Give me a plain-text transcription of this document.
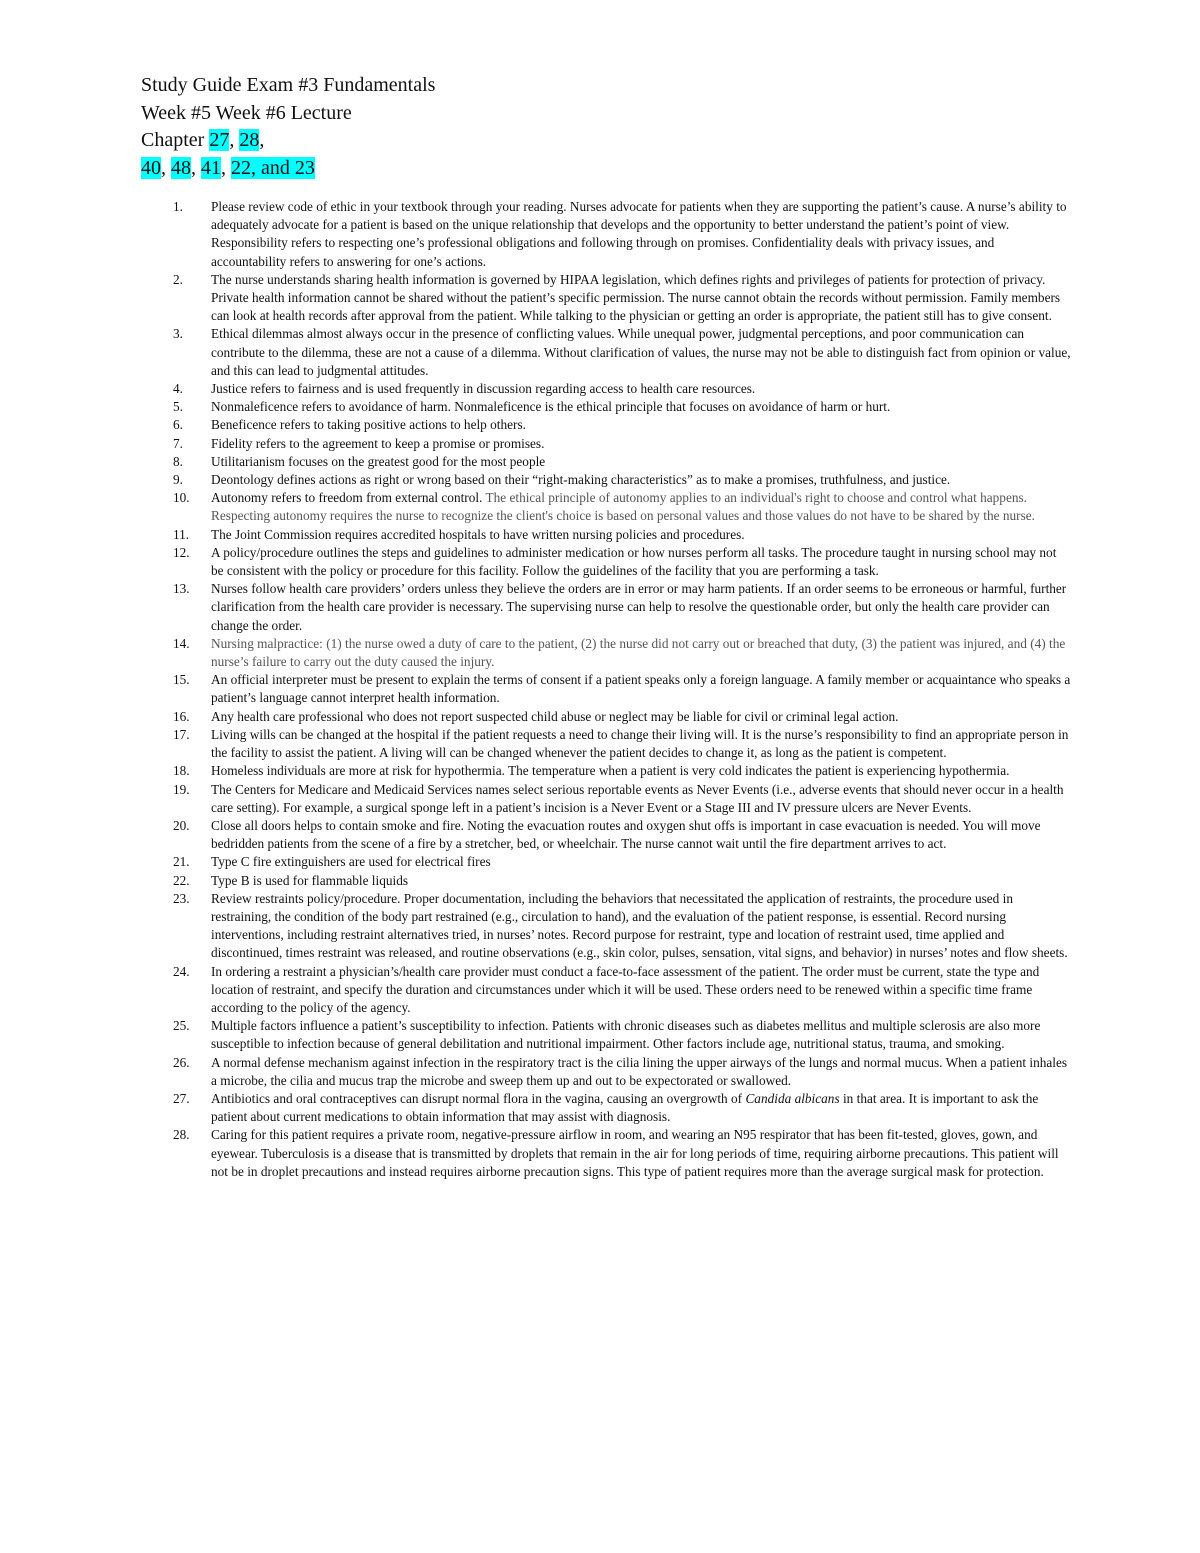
Study Guide Exam #3 Fundamentals
Week #5 Week #6 Lecture
Chapter 27, 28,
40, 48, 41, 22, and 23
1.	Please review code of ethic in your textbook through your reading. Nurses advocate for patients when they are supporting the patient’s cause. A nurse’s ability to adequately advocate for a patient is based on the unique relationship that develops and the opportunity to better understand the patient’s point of view. Responsibility refers to respecting one’s professional obligations and following through on promises. Confidentiality deals with privacy issues, and accountability refers to answering for one’s actions.
2.	The nurse understands sharing health information is governed by HIPAA legislation, which defines rights and privileges of patients for protection of privacy. Private health information cannot be shared without the patient’s specific permission. The nurse cannot obtain the records without permission. Family members can look at health records after approval from the patient. While talking to the physician or getting an order is appropriate, the patient still has to give consent.
3.	Ethical dilemmas almost always occur in the presence of conflicting values. While unequal power, judgmental perceptions, and poor communication can contribute to the dilemma, these are not a cause of a dilemma. Without clarification of values, the nurse may not be able to distinguish fact from opinion or value, and this can lead to judgmental attitudes.
4.	Justice refers to fairness and is used frequently in discussion regarding access to health care resources.
5.	Nonmaleficence refers to avoidance of harm. Nonmaleficence is the ethical principle that focuses on avoidance of harm or hurt.
6.	Beneficence refers to taking positive actions to help others.
7.	Fidelity refers to the agreement to keep a promise or promises.
8.	Utilitarianism focuses on the greatest good for the most people
9.	Deontology defines actions as right or wrong based on their “right-making characteristics” as to make a promises, truthfulness, and justice.
10.	Autonomy refers to freedom from external control. The ethical principle of autonomy applies to an individual's right to choose and control what happens. Respecting autonomy requires the nurse to recognize the client's choice is based on personal values and those values do not have to be shared by the nurse.
11.	The Joint Commission requires accredited hospitals to have written nursing policies and procedures.
12.	A policy/procedure outlines the steps and guidelines to administer medication or how nurses perform all tasks. The procedure taught in nursing school may not be consistent with the policy or procedure for this facility. Follow the guidelines of the facility that you are performing a task.
13.	Nurses follow health care providers’ orders unless they believe the orders are in error or may harm patients. If an order seems to be erroneous or harmful, further clarification from the health care provider is necessary. The supervising nurse can help to resolve the questionable order, but only the health care provider can change the order.
14.	Nursing malpractice: (1) the nurse owed a duty of care to the patient, (2) the nurse did not carry out or breached that duty, (3) the patient was injured, and (4) the nurse’s failure to carry out the duty caused the injury.
15.	An official interpreter must be present to explain the terms of consent if a patient speaks only a foreign language. A family member or acquaintance who speaks a patient’s language cannot interpret health information.
16.	Any health care professional who does not report suspected child abuse or neglect may be liable for civil or criminal legal action.
17.	Living wills can be changed at the hospital if the patient requests a need to change their living will. It is the nurse’s responsibility to find an appropriate person in the facility to assist the patient. A living will can be changed whenever the patient decides to change it, as long as the patient is competent.
18.	Homeless individuals are more at risk for hypothermia. The temperature when a patient is very cold indicates the patient is experiencing hypothermia.
19.	The Centers for Medicare and Medicaid Services names select serious reportable events as Never Events (i.e., adverse events that should never occur in a health care setting). For example, a surgical sponge left in a patient’s incision is a Never Event or a Stage III and IV pressure ulcers are Never Events.
20.	Close all doors helps to contain smoke and fire. Noting the evacuation routes and oxygen shut offs is important in case evacuation is needed. You will move bedridden patients from the scene of a fire by a stretcher, bed, or wheelchair. The nurse cannot wait until the fire department arrives to act.
21.	Type C fire extinguishers are used for electrical fires
22.	Type B is used for flammable liquids
23.	Review restraints policy/procedure. Proper documentation, including the behaviors that necessitated the application of restraints, the procedure used in restraining, the condition of the body part restrained (e.g., circulation to hand), and the evaluation of the patient response, is essential. Record nursing interventions, including restraint alternatives tried, in nurses’ notes. Record purpose for restraint, type and location of restraint used, time applied and discontinued, times restraint was released, and routine observations (e.g., skin color, pulses, sensation, vital signs, and behavior) in nurses’ notes and flow sheets.
24.	In ordering a restraint a physician’s/health care provider must conduct a face-to-face assessment of the patient. The order must be current, state the type and location of restraint, and specify the duration and circumstances under which it will be used. These orders need to be renewed within a specific time frame according to the policy of the agency.
25.	Multiple factors influence a patient’s susceptibility to infection. Patients with chronic diseases such as diabetes mellitus and multiple sclerosis are also more susceptible to infection because of general debilitation and nutritional impairment. Other factors include age, nutritional status, trauma, and smoking.
26.	A normal defense mechanism against infection in the respiratory tract is the cilia lining the upper airways of the lungs and normal mucus. When a patient inhales a microbe, the cilia and mucus trap the microbe and sweep them up and out to be expectorated or swallowed.
27.	Antibiotics and oral contraceptives can disrupt normal flora in the vagina, causing an overgrowth of Candida albicans in that area. It is important to ask the patient about current medications to obtain information that may assist with diagnosis.
28.	Caring for this patient requires a private room, negative-pressure airflow in room, and wearing an N95 respirator that has been fit-tested, gloves, gown, and eyewear. Tuberculosis is a disease that is transmitted by droplets that remain in the air for long periods of time, requiring airborne precautions. This patient will not be in droplet precautions and instead requires airborne precaution signs. This type of patient requires more than the average surgical mask for protection.
